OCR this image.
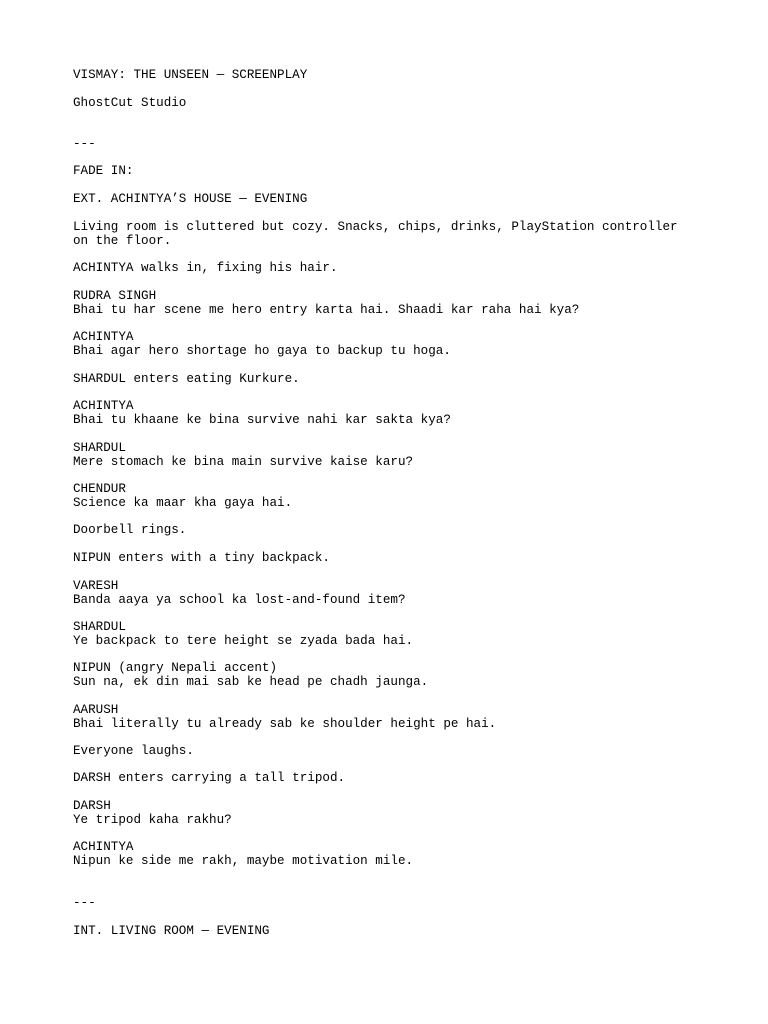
VISMAY: THE UNSEEN — SCREENPLAY

GhostCut Studio

---

FADE IN:

EXT. ACHINTYA’S HOUSE — EVENING

Living room is cluttered but cozy. Snacks, chips, drinks, PlayStation controller
on the floor.

ACHINTYA walks in, fixing his hair.

RUDRA SINGH
Bhai tu har scene me hero entry karta hai. Shaadi kar raha hai kya?

ACHINTYA
Bhai agar hero shortage ho gaya to backup tu hoga.

SHARDUL enters eating Kurkure.

ACHINTYA
Bhai tu khaane ke bina survive nahi kar sakta kya?

SHARDUL
Mere stomach ke bina main survive kaise karu?

CHENDUR
Science ka maar kha gaya hai.

Doorbell rings.

NIPUN enters with a tiny backpack.

VARESH
Banda aaya ya school ka lost-and-found item?

SHARDUL
Ye backpack to tere height se zyada bada hai.

NIPUN (angry Nepali accent)
Sun na, ek din mai sab ke head pe chadh jaunga.

AARUSH
Bhai literally tu already sab ke shoulder height pe hai.

Everyone laughs.

DARSH enters carrying a tall tripod.

DARSH
Ye tripod kaha rakhu?

ACHINTYA
Nipun ke side me rakh, maybe motivation mile.

---

INT. LIVING ROOM — EVENING
